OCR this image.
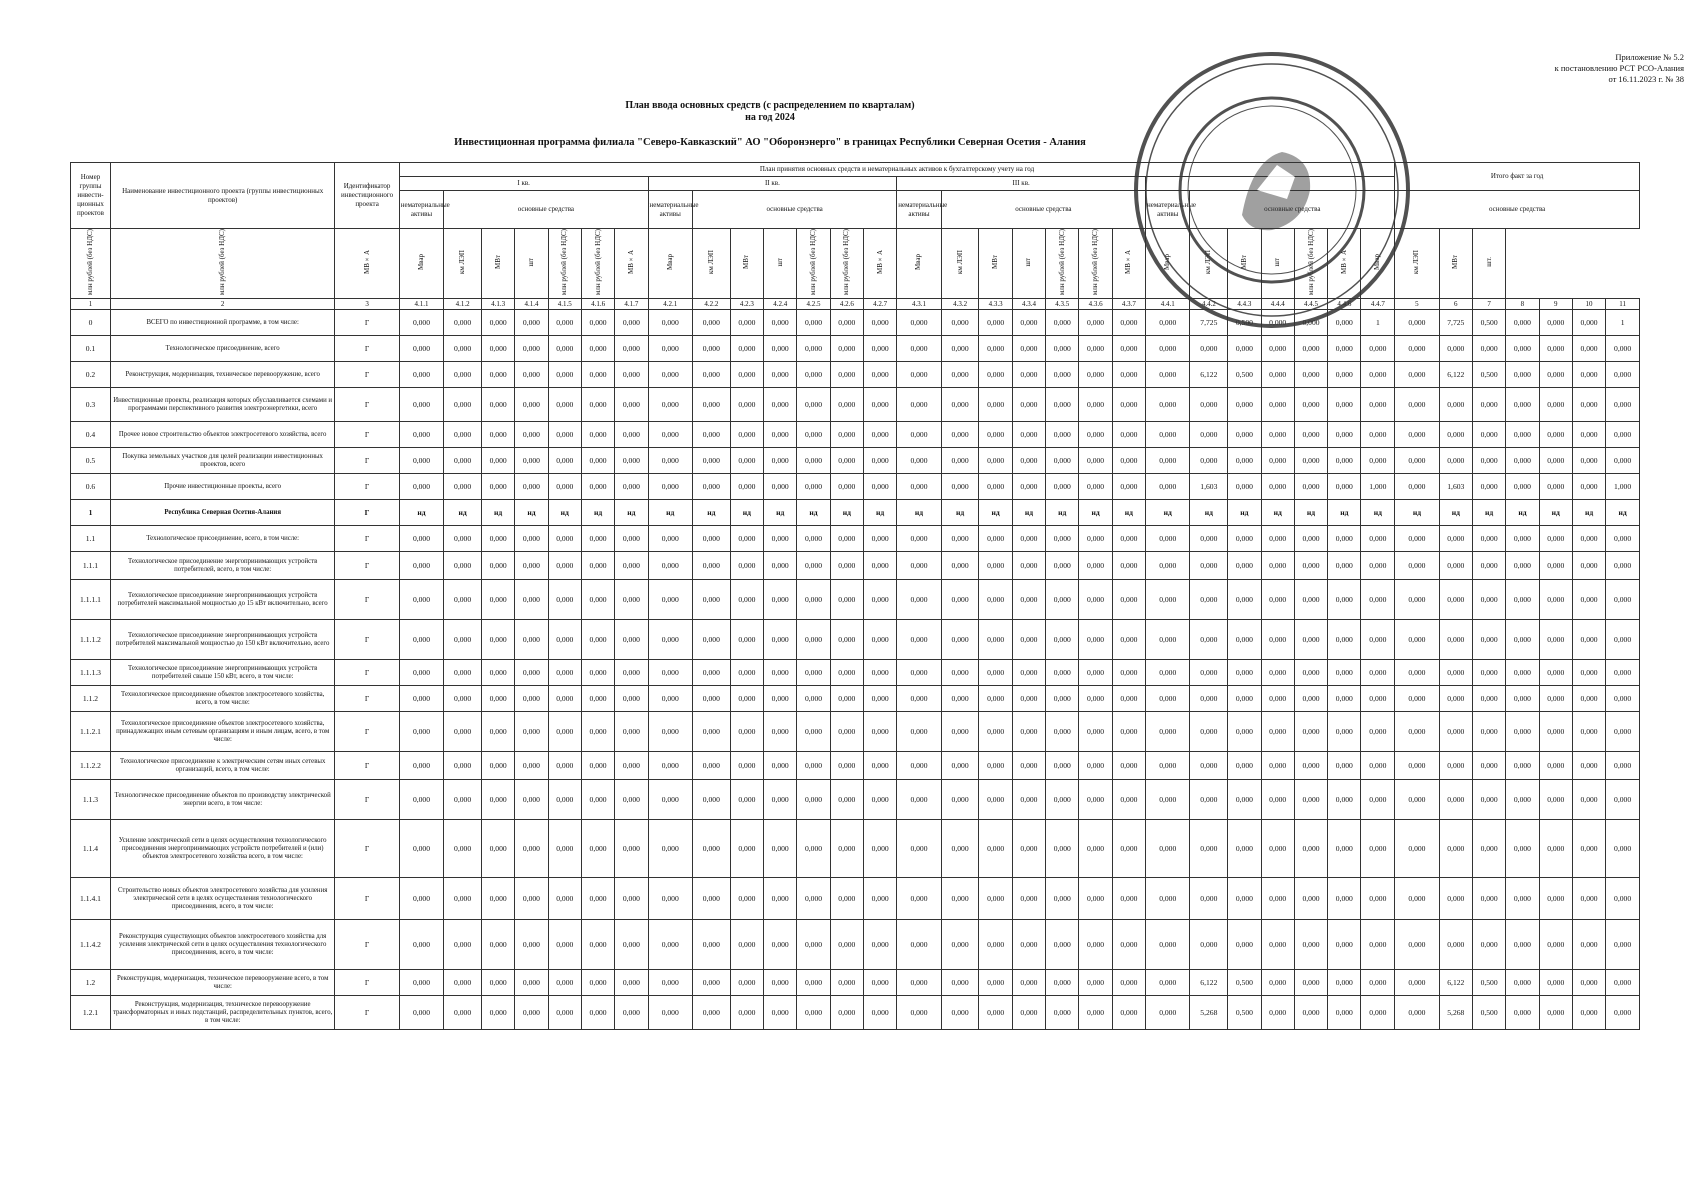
Приложение № 5.2
к постановлению РСТ РСО-Алания
от 16.11.2023 г. № 38
План ввода основных средств (с распределением по кварталам)
на год 2024
Инвестиционная программа филиала "Северо-Кавказский" АО "Оборонэнерго" в границах Республики Северная Осетия - Алания
Номер группы инвести-ционных проектов	Наименование инвестиционного проекта (группы инвестиционных проектов)	Идентификатор инвестиционного проекта	План принятия основных средств и нематериальных активов к бухгалтерскому учету на год																												Итого факт за год						
			I кв.							II кв.							III кв.																				
			нематериальные активы	основные средства						нематериальные активы	основные средства						нематериальные активы	основные средства						нематериальные активы	основные средства						основные средства						
млн рублей (без НДС)	млн рублей (без НДС)	МВ×А	Мвар	км ЛЭП	МВт	шт	млн рублей (без НДС)	млн рублей (без НДС)	МВ×А	Мвар	км ЛЭП	МВт	шт	млн рублей (без НДС)	млн рублей (без НДС)	МВ×А	Мвар	км ЛЭП	МВт	шт	млн рублей (без НДС)	млн рублей (без НДС)	МВ×А	Мвар	км ЛЭП	МВт	шт	млн рублей (без НДС)	МВ×А	Мвар	км ЛЭП	МВт	шт.				
1	2	3	4.1.1	4.1.2	4.1.3	4.1.4	4.1.5	4.1.6	4.1.7	4.2.1	4.2.2	4.2.3	4.2.4	4.2.5	4.2.6	4.2.7	4.3.1	4.3.2	4.3.3	4.3.4	4.3.5	4.3.6	4.3.7	4.4.1	4.4.2	4.4.3	4.4.4	4.4.5	4.4.6	4.4.7	5	6	7	8	9	10	11
0	ВСЕГО по инвестиционной программе, в том числе:	Г	0,000	0,000	0,000	0,000	0,000	0,000	0,000	0,000	0,000	0,000	0,000	0,000	0,000	0,000	0,000	0,000	0,000	0,000	0,000	0,000	0,000	0,000	7,725	0,500	0,000	0,000	0,000	1	0,000	7,725	0,500	0,000	0,000	0,000	1
0.1	Технологическое присоединение, всего	Г	0,000	0,000	0,000	0,000	0,000	0,000	0,000	0,000	0,000	0,000	0,000	0,000	0,000	0,000	0,000	0,000	0,000	0,000	0,000	0,000	0,000	0,000	0,000	0,000	0,000	0,000	0,000	0,000	0,000	0,000	0,000	0,000	0,000	0,000	0,000
0.2	Реконструкция, модернизация, техническое перевооружение, всего	Г	0,000	0,000	0,000	0,000	0,000	0,000	0,000	0,000	0,000	0,000	0,000	0,000	0,000	0,000	0,000	0,000	0,000	0,000	0,000	0,000	0,000	0,000	6,122	0,500	0,000	0,000	0,000	0,000	0,000	6,122	0,500	0,000	0,000	0,000	0,000
0.3	Инвестиционные проекты, реализация которых обуславливается схемами и программами перспективного развития электроэнергетики, всего	Г	0,000	0,000	0,000	0,000	0,000	0,000	0,000	0,000	0,000	0,000	0,000	0,000	0,000	0,000	0,000	0,000	0,000	0,000	0,000	0,000	0,000	0,000	0,000	0,000	0,000	0,000	0,000	0,000	0,000	0,000	0,000	0,000	0,000	0,000	0,000
0.4	Прочее новое строительство объектов электросетевого хозяйства, всего	Г	0,000	0,000	0,000	0,000	0,000	0,000	0,000	0,000	0,000	0,000	0,000	0,000	0,000	0,000	0,000	0,000	0,000	0,000	0,000	0,000	0,000	0,000	0,000	0,000	0,000	0,000	0,000	0,000	0,000	0,000	0,000	0,000	0,000	0,000	0,000
0.5	Покупка земельных участков для целей реализации инвестиционных проектов, всего	Г	0,000	0,000	0,000	0,000	0,000	0,000	0,000	0,000	0,000	0,000	0,000	0,000	0,000	0,000	0,000	0,000	0,000	0,000	0,000	0,000	0,000	0,000	0,000	0,000	0,000	0,000	0,000	0,000	0,000	0,000	0,000	0,000	0,000	0,000	0,000
0.6	Прочие инвестиционные проекты, всего	Г	0,000	0,000	0,000	0,000	0,000	0,000	0,000	0,000	0,000	0,000	0,000	0,000	0,000	0,000	0,000	0,000	0,000	0,000	0,000	0,000	0,000	0,000	1,603	0,000	0,000	0,000	0,000	1,000	0,000	1,603	0,000	0,000	0,000	0,000	1,000
1	Республика Северная Осетия-Алания	Г	нд	нд	нд	нд	нд	нд	нд	нд	нд	нд	нд	нд	нд	нд	нд	нд	нд	нд	нд	нд	нд	нд	нд	нд	нд	нд	нд	нд	нд	нд	нд	нд	нд	нд	нд
1.1	Технологическое присоединение, всего, в том числе:	Г	0,000	0,000	0,000	0,000	0,000	0,000	0,000	0,000	0,000	0,000	0,000	0,000	0,000	0,000	0,000	0,000	0,000	0,000	0,000	0,000	0,000	0,000	0,000	0,000	0,000	0,000	0,000	0,000	0,000	0,000	0,000	0,000	0,000	0,000	0,000
1.1.1	Технологическое присоединение энергопринимающих устройств потребителей, всего, в том числе:	Г	0,000	0,000	0,000	0,000	0,000	0,000	0,000	0,000	0,000	0,000	0,000	0,000	0,000	0,000	0,000	0,000	0,000	0,000	0,000	0,000	0,000	0,000	0,000	0,000	0,000	0,000	0,000	0,000	0,000	0,000	0,000	0,000	0,000	0,000	0,000
1.1.1.1	Технологическое присоединение энергопринимающих устройств потребителей максимальной мощностью до 15 кВт включительно, всего	Г	0,000	0,000	0,000	0,000	0,000	0,000	0,000	0,000	0,000	0,000	0,000	0,000	0,000	0,000	0,000	0,000	0,000	0,000	0,000	0,000	0,000	0,000	0,000	0,000	0,000	0,000	0,000	0,000	0,000	0,000	0,000	0,000	0,000	0,000	0,000
1.1.1.2	Технологическое присоединение энергопринимающих устройств потребителей максимальной мощностью до 150 кВт включительно, всего	Г	0,000	0,000	0,000	0,000	0,000	0,000	0,000	0,000	0,000	0,000	0,000	0,000	0,000	0,000	0,000	0,000	0,000	0,000	0,000	0,000	0,000	0,000	0,000	0,000	0,000	0,000	0,000	0,000	0,000	0,000	0,000	0,000	0,000	0,000	0,000
1.1.1.3	Технологическое присоединение энергопринимающих устройств потребителей свыше 150 кВт, всего, в том числе:	Г	0,000	0,000	0,000	0,000	0,000	0,000	0,000	0,000	0,000	0,000	0,000	0,000	0,000	0,000	0,000	0,000	0,000	0,000	0,000	0,000	0,000	0,000	0,000	0,000	0,000	0,000	0,000	0,000	0,000	0,000	0,000	0,000	0,000	0,000	0,000
1.1.2	Технологическое присоединение объектов электросетевого хозяйства, всего, в том числе:	Г	0,000	0,000	0,000	0,000	0,000	0,000	0,000	0,000	0,000	0,000	0,000	0,000	0,000	0,000	0,000	0,000	0,000	0,000	0,000	0,000	0,000	0,000	0,000	0,000	0,000	0,000	0,000	0,000	0,000	0,000	0,000	0,000	0,000	0,000	0,000
1.1.2.1	Технологическое присоединение объектов электросетевого хозяйства, принадлежащих иным сетевым организациям и иным лицам, всего, в том числе:	Г	0,000	0,000	0,000	0,000	0,000	0,000	0,000	0,000	0,000	0,000	0,000	0,000	0,000	0,000	0,000	0,000	0,000	0,000	0,000	0,000	0,000	0,000	0,000	0,000	0,000	0,000	0,000	0,000	0,000	0,000	0,000	0,000	0,000	0,000	0,000
1.1.2.2	Технологическое присоединение к электрическим сетям иных сетевых организаций, всего, в том числе:	Г	0,000	0,000	0,000	0,000	0,000	0,000	0,000	0,000	0,000	0,000	0,000	0,000	0,000	0,000	0,000	0,000	0,000	0,000	0,000	0,000	0,000	0,000	0,000	0,000	0,000	0,000	0,000	0,000	0,000	0,000	0,000	0,000	0,000	0,000	0,000
1.1.3	Технологическое присоединение объектов по производству электрической энергии всего, в том числе:	Г	0,000	0,000	0,000	0,000	0,000	0,000	0,000	0,000	0,000	0,000	0,000	0,000	0,000	0,000	0,000	0,000	0,000	0,000	0,000	0,000	0,000	0,000	0,000	0,000	0,000	0,000	0,000	0,000	0,000	0,000	0,000	0,000	0,000	0,000	0,000
1.1.4	Усиление электрической сети в целях осуществления технологического присоединения энергопринимающих устройств потребителей и (или) объектов электросетевого хозяйства всего, в том числе:	Г	0,000	0,000	0,000	0,000	0,000	0,000	0,000	0,000	0,000	0,000	0,000	0,000	0,000	0,000	0,000	0,000	0,000	0,000	0,000	0,000	0,000	0,000	0,000	0,000	0,000	0,000	0,000	0,000	0,000	0,000	0,000	0,000	0,000	0,000	0,000
1.1.4.1	Строительство новых объектов электросетевого хозяйства для усиления электрической сети в целях осуществления технологического присоединения, всего, в том числе:	Г	0,000	0,000	0,000	0,000	0,000	0,000	0,000	0,000	0,000	0,000	0,000	0,000	0,000	0,000	0,000	0,000	0,000	0,000	0,000	0,000	0,000	0,000	0,000	0,000	0,000	0,000	0,000	0,000	0,000	0,000	0,000	0,000	0,000	0,000	0,000
1.1.4.2	Реконструкция существующих объектов электросетевого хозяйства для усиления электрической сети в целях осуществления технологического присоединения, всего, в том числе:	Г	0,000	0,000	0,000	0,000	0,000	0,000	0,000	0,000	0,000	0,000	0,000	0,000	0,000	0,000	0,000	0,000	0,000	0,000	0,000	0,000	0,000	0,000	0,000	0,000	0,000	0,000	0,000	0,000	0,000	0,000	0,000	0,000	0,000	0,000	0,000
1.2	Реконструкция, модернизация, техническое перевооружение всего, в том числе:	Г	0,000	0,000	0,000	0,000	0,000	0,000	0,000	0,000	0,000	0,000	0,000	0,000	0,000	0,000	0,000	0,000	0,000	0,000	0,000	0,000	0,000	0,000	6,122	0,500	0,000	0,000	0,000	0,000	0,000	6,122	0,500	0,000	0,000	0,000	0,000
1.2.1	Реконструкция, модернизация, техническое перевооружение трансформаторных и иных подстанций, распределительных пунктов, всего, в том числе:	Г	0,000	0,000	0,000	0,000	0,000	0,000	0,000	0,000	0,000	0,000	0,000	0,000	0,000	0,000	0,000	0,000	0,000	0,000	0,000	0,000	0,000	0,000	5,268	0,500	0,000	0,000	0,000	0,000	0,000	5,268	0,500	0,000	0,000	0,000	0,000
